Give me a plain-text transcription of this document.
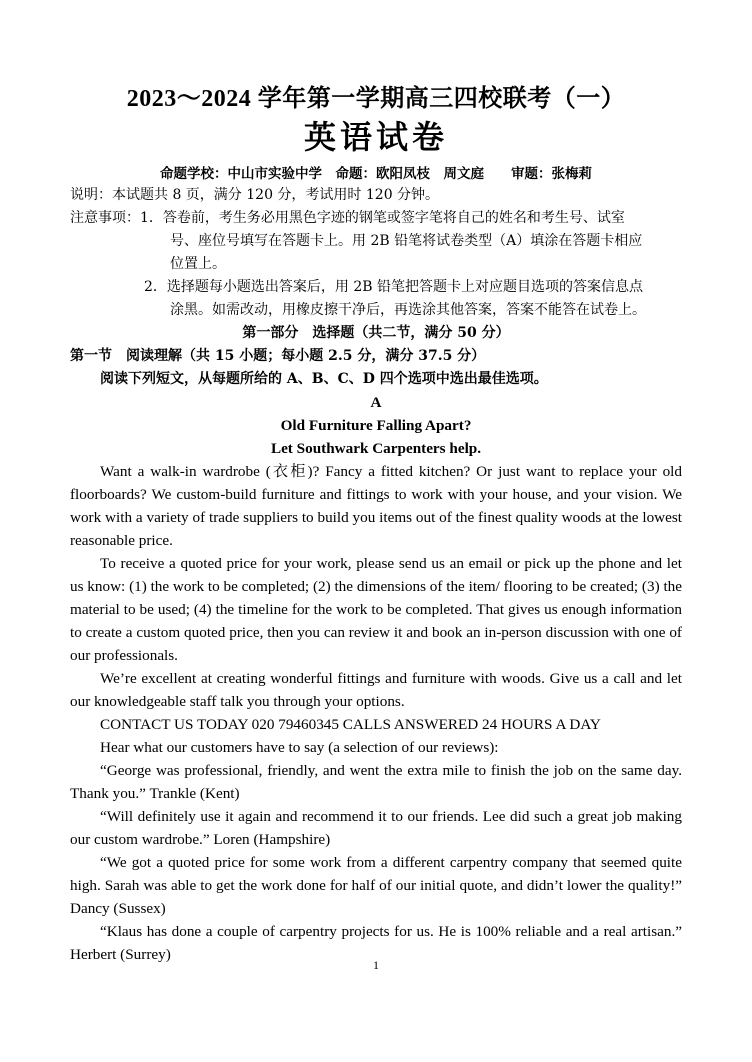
2023～2024 学年第一学期高三四校联考（一）
英语试卷
命题学校：中山市实验中学　命题：欧阳凤枝　周文庭　　审题：张梅莉
说明：本试题共 8 页，满分 120 分，考试用时 120 分钟。
注意事项：1．答卷前，考生务必用黑色字迹的钢笔或签字笔将自己的姓名和考生号、试室
号、座位号填写在答题卡上。用 2B 铅笔将试卷类型（A）填涂在答题卡相应
位置上。
2．选择题每小题选出答案后，用 2B 铅笔把答题卡上对应题目选项的答案信息点
涂黑。如需改动，用橡皮擦干净后，再选涂其他答案，答案不能答在试卷上。
第一部分　选择题（共二节，满分 50 分）
第一节　阅读理解（共 15 小题；每小题 2.5 分，满分 37.5 分）
阅读下列短文，从每题所给的 A、B、C、D 四个选项中选出最佳选项。
A
Old Furniture Falling Apart?
Let Southwark Carpenters help.

Want a walk-in wardrobe (衣柜)? Fancy a fitted kitchen? Or just want to replace your old floorboards? We custom-build furniture and fittings to work with your house, and your vision. We work with a variety of trade suppliers to build you items out of the finest quality woods at the lowest reasonable price.

To receive a quoted price for your work, please send us an email or pick up the phone and let us know: (1) the work to be completed; (2) the dimensions of the item/ flooring to be created; (3) the material to be used; (4) the timeline for the work to be completed. That gives us enough information to create a custom quoted price, then you can review it and book an in-person discussion with one of our professionals.

We’re excellent at creating wonderful fittings and furniture with woods. Give us a call and let our knowledgeable staff talk you through your options.

CONTACT US TODAY 020 79460345 CALLS ANSWERED 24 HOURS A DAY

Hear what our customers have to say (a selection of our reviews):

“George was professional, friendly, and went the extra mile to finish the job on the same day. Thank you.” Trankle (Kent)

“Will definitely use it again and recommend it to our friends. Lee did such a great job making our custom wardrobe.” Loren (Hampshire)

“We got a quoted price for some work from a different carpentry company that seemed quite high. Sarah was able to get the work done for half of our initial quote, and didn’t lower the quality!” Dancy (Sussex)

“Klaus has done a couple of carpentry projects for us. He is 100% reliable and a real artisan.” Herbert (Surrey)

1
